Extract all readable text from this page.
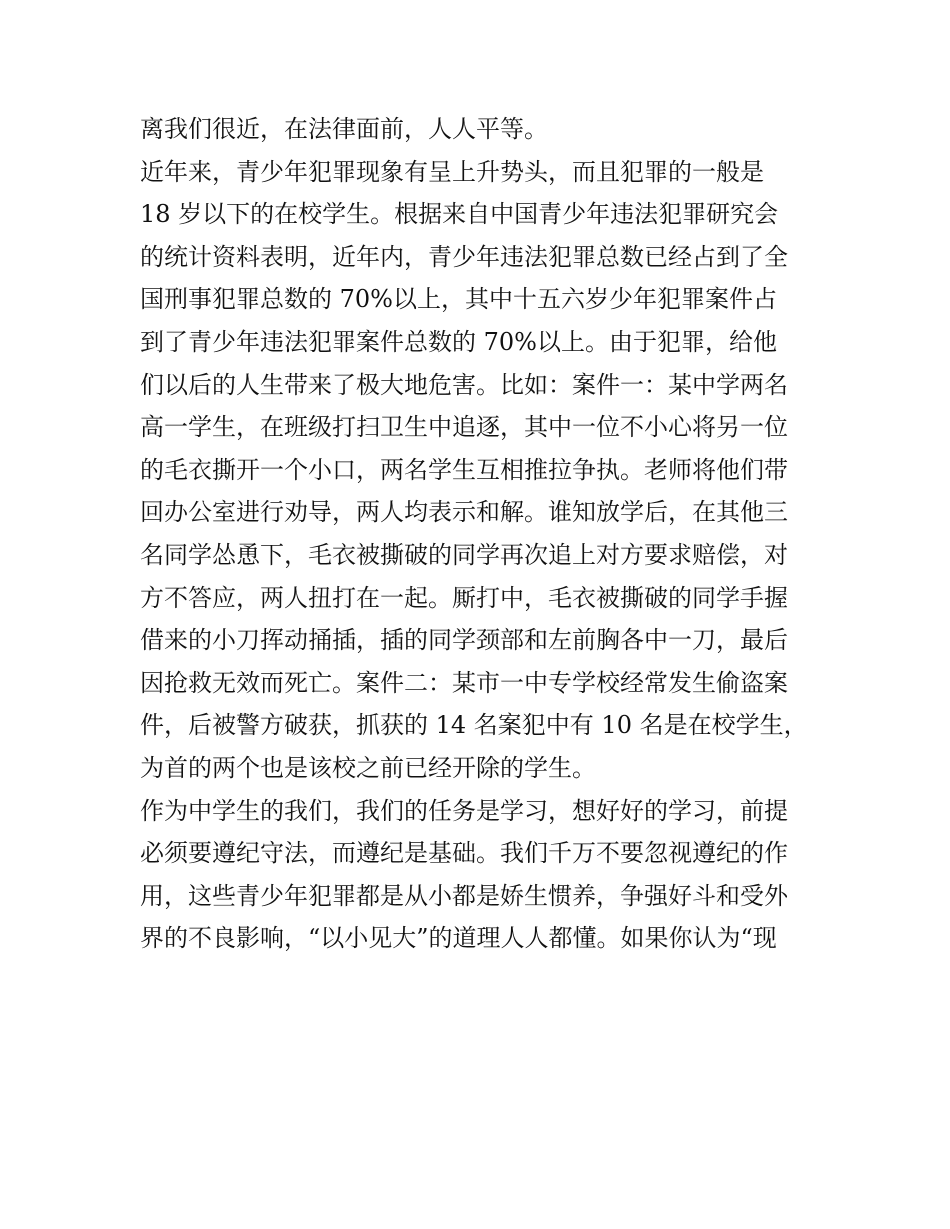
离我们很近，在法律面前，人人平等。

近年来，青少年犯罪现象有呈上升势头，而且犯罪的一般是
18 岁以下的在校学生。根据来自中国青少年违法犯罪研究会
的统计资料表明，近年内，青少年违法犯罪总数已经占到了全
国刑事犯罪总数的 70%以上，其中十五六岁少年犯罪案件占
到了青少年违法犯罪案件总数的 70%以上。由于犯罪，给他
们以后的人生带来了极大地危害。比如：案件一：某中学两名
高一学生，在班级打扫卫生中追逐，其中一位不小心将另一位
的毛衣撕开一个小口，两名学生互相推拉争执。老师将他们带
回办公室进行劝导，两人均表示和解。谁知放学后，在其他三
名同学怂恿下，毛衣被撕破的同学再次追上对方要求赔偿，对
方不答应，两人扭打在一起。厮打中，毛衣被撕破的同学手握
借来的小刀挥动捅插，插的同学颈部和左前胸各中一刀，最后
因抢救无效而死亡。案件二：某市一中专学校经常发生偷盗案
件，后被警方破获，抓获的 14 名案犯中有 10 名是在校学生，
为首的两个也是该校之前已经开除的学生。

作为中学生的我们，我们的任务是学习，想好好的学习，前提
必须要遵纪守法，而遵纪是基础。我们千万不要忽视遵纪的作
用，这些青少年犯罪都是从小都是娇生惯养，争强好斗和受外
界的不良影响，“以小见大”的道理人人都懂。如果你认为“现
